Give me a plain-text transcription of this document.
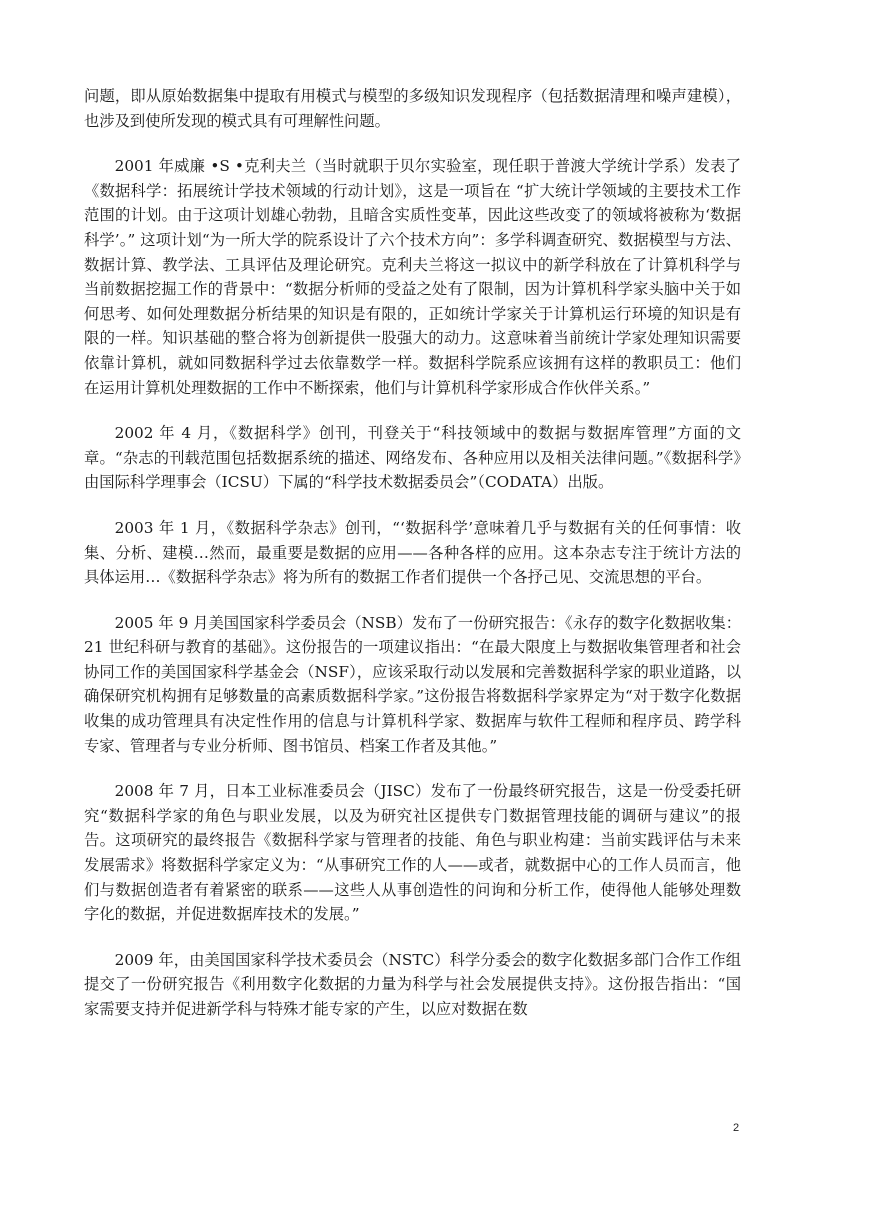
问题，即从原始数据集中提取有用模式与模型的多级知识发现程序（包括数据清理和噪声建模），也涉及到使所发现的模式具有可理解性问题。

2001 年威廉 •S •克利夫兰（当时就职于贝尔实验室，现任职于普渡大学统计学系）发表了《数据科学：拓展统计学技术领域的行动计划》，这是一项旨在 “扩大统计学领域的主要技术工作范围的计划。由于这项计划雄心勃勃，且暗含实质性变革，因此这些改变了的领域将被称为‘数据科学’。” 这项计划“为一所大学的院系设计了六个技术方向”：多学科调查研究、数据模型与方法、数据计算、教学法、工具评估及理论研究。克利夫兰将这一拟议中的新学科放在了计算机科学与当前数据挖掘工作的背景中：“数据分析师的受益之处有了限制，因为计算机科学家头脑中关于如何思考、如何处理数据分析结果的知识是有限的，正如统计学家关于计算机运行环境的知识是有限的一样。知识基础的整合将为创新提供一股强大的动力。这意味着当前统计学家处理知识需要依靠计算机，就如同数据科学过去依靠数学一样。数据科学院系应该拥有这样的教职员工：他们在运用计算机处理数据的工作中不断探索，他们与计算机科学家形成合作伙伴关系。”

2002 年 4 月，《数据科学》创刊，刊登关于“科技领域中的数据与数据库管理”方面的文章。“杂志的刊载范围包括数据系统的描述、网络发布、各种应用以及相关法律问题。”《数据科学》由国际科学理事会（ICSU）下属的“科学技术数据委员会”（CODATA）出版。

2003 年 1 月，《数据科学杂志》创刊，“‘数据科学’意味着几乎与数据有关的任何事情：收集、分析、建模…然而，最重要是数据的应用——各种各样的应用。这本杂志专注于统计方法的具体运用…《数据科学杂志》将为所有的数据工作者们提供一个各抒己见、交流思想的平台。

2005 年 9 月美国国家科学委员会（NSB）发布了一份研究报告：《永存的数字化数据收集：21 世纪科研与教育的基础》。这份报告的一项建议指出：“在最大限度上与数据收集管理者和社会协同工作的美国国家科学基金会（NSF），应该采取行动以发展和完善数据科学家的职业道路，以确保研究机构拥有足够数量的高素质数据科学家。”这份报告将数据科学家界定为“对于数字化数据收集的成功管理具有决定性作用的信息与计算机科学家、数据库与软件工程师和程序员、跨学科专家、管理者与专业分析师、图书馆员、档案工作者及其他。”

2008 年 7 月，日本工业标准委员会（JISC）发布了一份最终研究报告，这是一份受委托研究“数据科学家的角色与职业发展，以及为研究社区提供专门数据管理技能的调研与建议”的报告。这项研究的最终报告《数据科学家与管理者的技能、角色与职业构建：当前实践评估与未来发展需求》将数据科学家定义为：“从事研究工作的人——或者，就数据中心的工作人员而言，他们与数据创造者有着紧密的联系——这些人从事创造性的问询和分析工作，使得他人能够处理数字化的数据，并促进数据库技术的发展。”

2009 年，由美国国家科学技术委员会（NSTC）科学分委会的数字化数据多部门合作工作组提交了一份研究报告《利用数字化数据的力量为科学与社会发展提供支持》。这份报告指出：“国家需要支持并促进新学科与特殊才能专家的产生，以应对数据在数

2
